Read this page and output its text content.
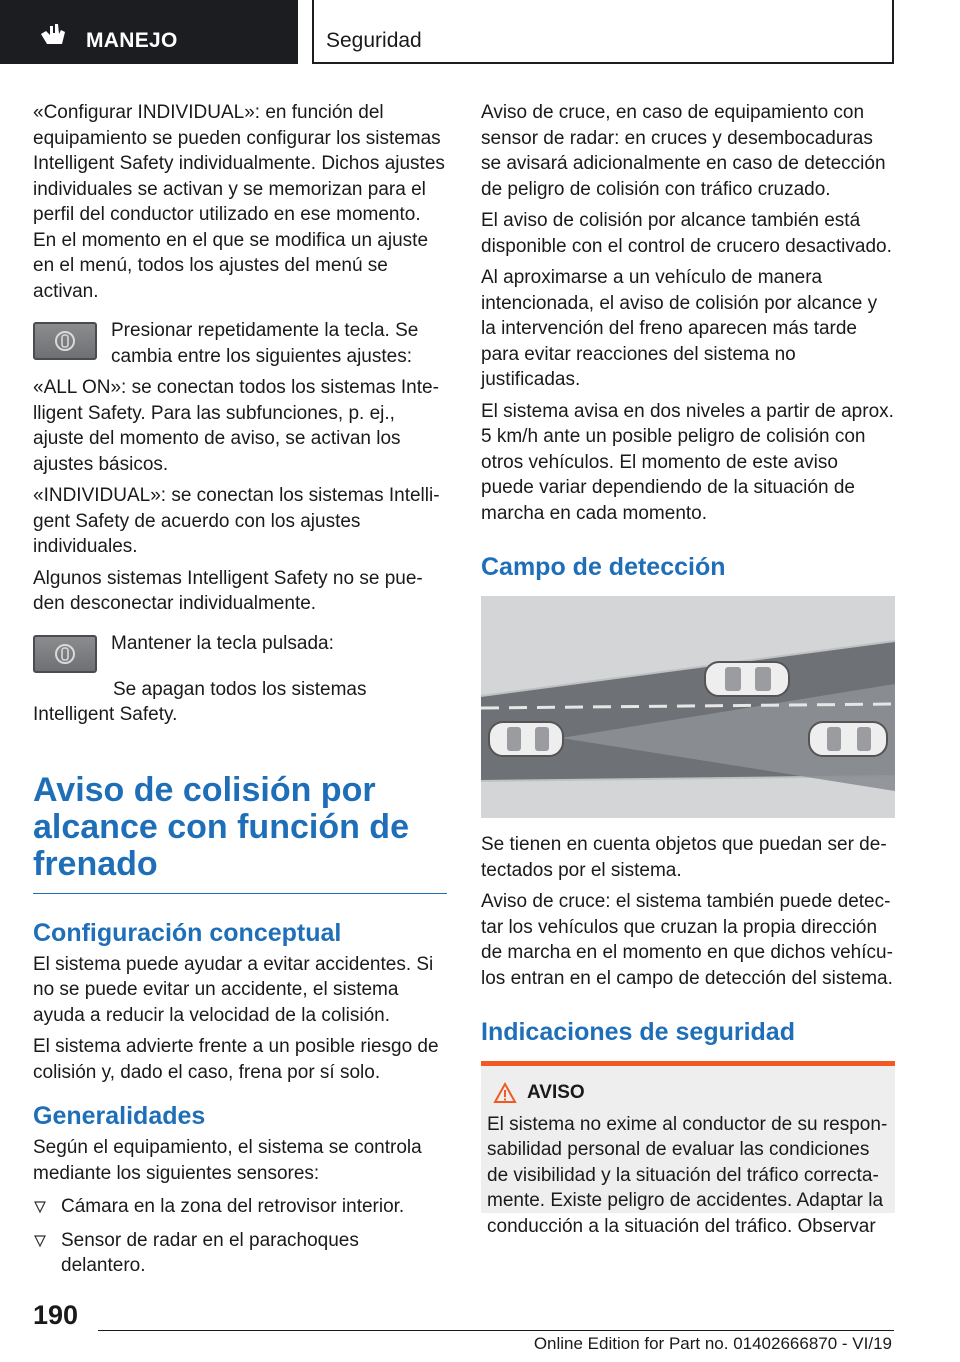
MANEJO	Seguridad

«Configurar INDIVIDUAL»: en función del equipamiento se pueden configurar los sistemas Intelligent Safety individualmente. Dichos ajustes individuales se activan y se memorizan para el perfil del conductor utilizado en ese momento. En el momento en el que se modifica un ajuste en el menú, todos los ajustes del menú se activan.

Presionar repetidamente la tecla. Se cambia entre los siguientes ajustes:

«ALL ON»: se conectan todos los sistemas Intelligent Safety. Para las subfunciones, p. ej., ajuste del momento de aviso, se activan los ajustes básicos.

«INDIVIDUAL»: se conectan los sistemas Intelligent Safety de acuerdo con los ajustes individuales.

Algunos sistemas Intelligent Safety no se pueden desconectar individualmente.

Mantener la tecla pulsada:

Se apagan todos los sistemas Intelligent Safety.

Aviso de colisión por alcance con función de frenado
Configuración conceptual

El sistema puede ayudar a evitar accidentes. Si no se puede evitar un accidente, el sistema ayuda a reducir la velocidad de la colisión.

El sistema advierte frente a un posible riesgo de colisión y, dado el caso, frena por sí solo.

Generalidades

Según el equipamiento, el sistema se controla mediante los siguientes sensores:

Cámara en la zona del retrovisor interior.
Sensor de radar en el parachoques delantero.

Aviso de cruce, en caso de equipamiento con sensor de radar: en cruces y desembocaduras se avisará adicionalmente en caso de detección de peligro de colisión con tráfico cruzado.

El aviso de colisión por alcance también está disponible con el control de crucero desactivado.

Al aproximarse a un vehículo de manera intencionada, el aviso de colisión por alcance y la intervención del freno aparecen más tarde para evitar reacciones del sistema no justificadas.

El sistema avisa en dos niveles a partir de aprox. 5 km/h ante un posible peligro de colisión con otros vehículos. El momento de este aviso puede variar dependiendo de la situación de marcha en cada momento.

Campo de detección

Se tienen en cuenta objetos que puedan ser detectados por el sistema.

Aviso de cruce: el sistema también puede detectar los vehículos que cruzan la propia dirección de marcha en el momento en que dichos vehículos entran en el campo de detección del sistema.

Indicaciones de seguridad
AVISO

El sistema no exime al conductor de su responsabilidad personal de evaluar las condiciones de visibilidad y la situación del tráfico correctamente. Existe peligro de accidentes. Adaptar la conducción a la situación del tráfico. Observar

190
Online Edition for Part no. 01402666870 - VI/19
